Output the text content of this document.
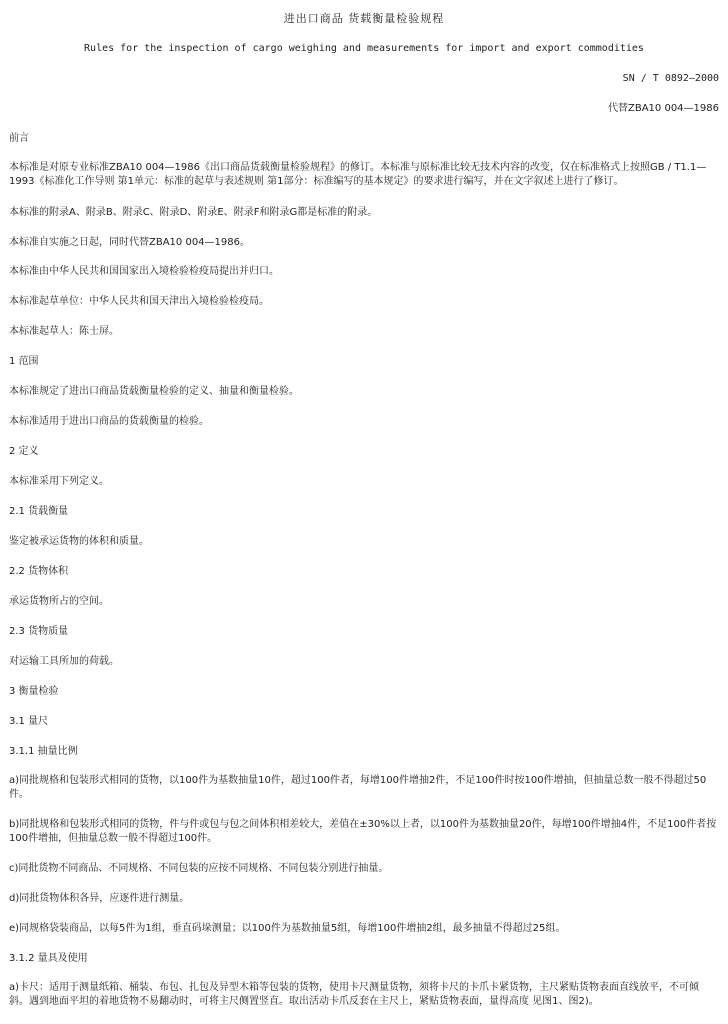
进出口商品 货载衡量检验规程

Rules for the inspection of cargo weighing and measurements for import and export commodities

SN / T 0892—2000

代替ZBA10 004—1986

前言

本标准是对原专业标准ZBA10 004—1986《出口商品货载衡量检验规程》的修订。本标准与原标准比较无技术内容的改变，仅在标准格式上按照GB / T1.1—1993《标准化工作导则 第1单元：标准的起草与表述规则 第1部分：标准编写的基本规定》的要求进行编写，并在文字叙述上进行了修订。

本标准的附录A、附录B、附录C、附录D、附录E、附录F和附录G都是标准的附录。

本标准自实施之日起，同时代替ZBA10 004—1986。

本标准由中华人民共和国国家出入境检验检疫局提出并归口。

本标准起草单位：中华人民共和国天津出入境检验检疫局。

本标准起草人：陈士屏。

1 范围

本标准规定了进出口商品货载衡量检验的定义、抽量和衡量检验。

本标准适用于进出口商品的货载衡量的检验。

2 定义

本标准采用下列定义。

2.1 货载衡量

鉴定被承运货物的体积和质量。

2.2 货物体积

承运货物所占的空间。

2.3 货物质量

对运输工具所加的荷载。

3 衡量检验

3.1 量尺

3.1.1 抽量比例

a)同批规格和包装形式相同的货物，以100件为基数抽量10件，超过100件者，每增100件增抽2件，不足100件时按100件增抽，但抽量总数一般不得超过50件。

b)同批规格和包装形式相同的货物，件与件或包与包之间体积相差较大，差值在±30%以上者，以100件为基数抽量20件，每增100件增抽4件，不足100件者按100件增抽，但抽量总数一般不得超过100件。

c)同批货物不同商品、不同规格、不同包装的应按不同规格、不同包装分别进行抽量。

d)同批货物体积各异，应逐件进行测量。

e)同规格袋装商品，以每5件为1组，垂直码垛测量；以100件为基数抽量5组，每增100件增抽2组，最多抽量不得超过25组。

3.1.2 量具及使用

a)卡尺：适用于测量纸箱、桶装、布包、扎包及异型木箱等包装的货物，使用卡尺测量货物，须将卡尺的卡爪卡紧货物，主尺紧贴货物表面直线放平，不可倾斜。遇到地面平坦的着地货物不易翻动时，可将主尺侧置竖直。取出活动卡爪反套在主尺上，紧贴货物表面，量得高度 见图1、图2)。
